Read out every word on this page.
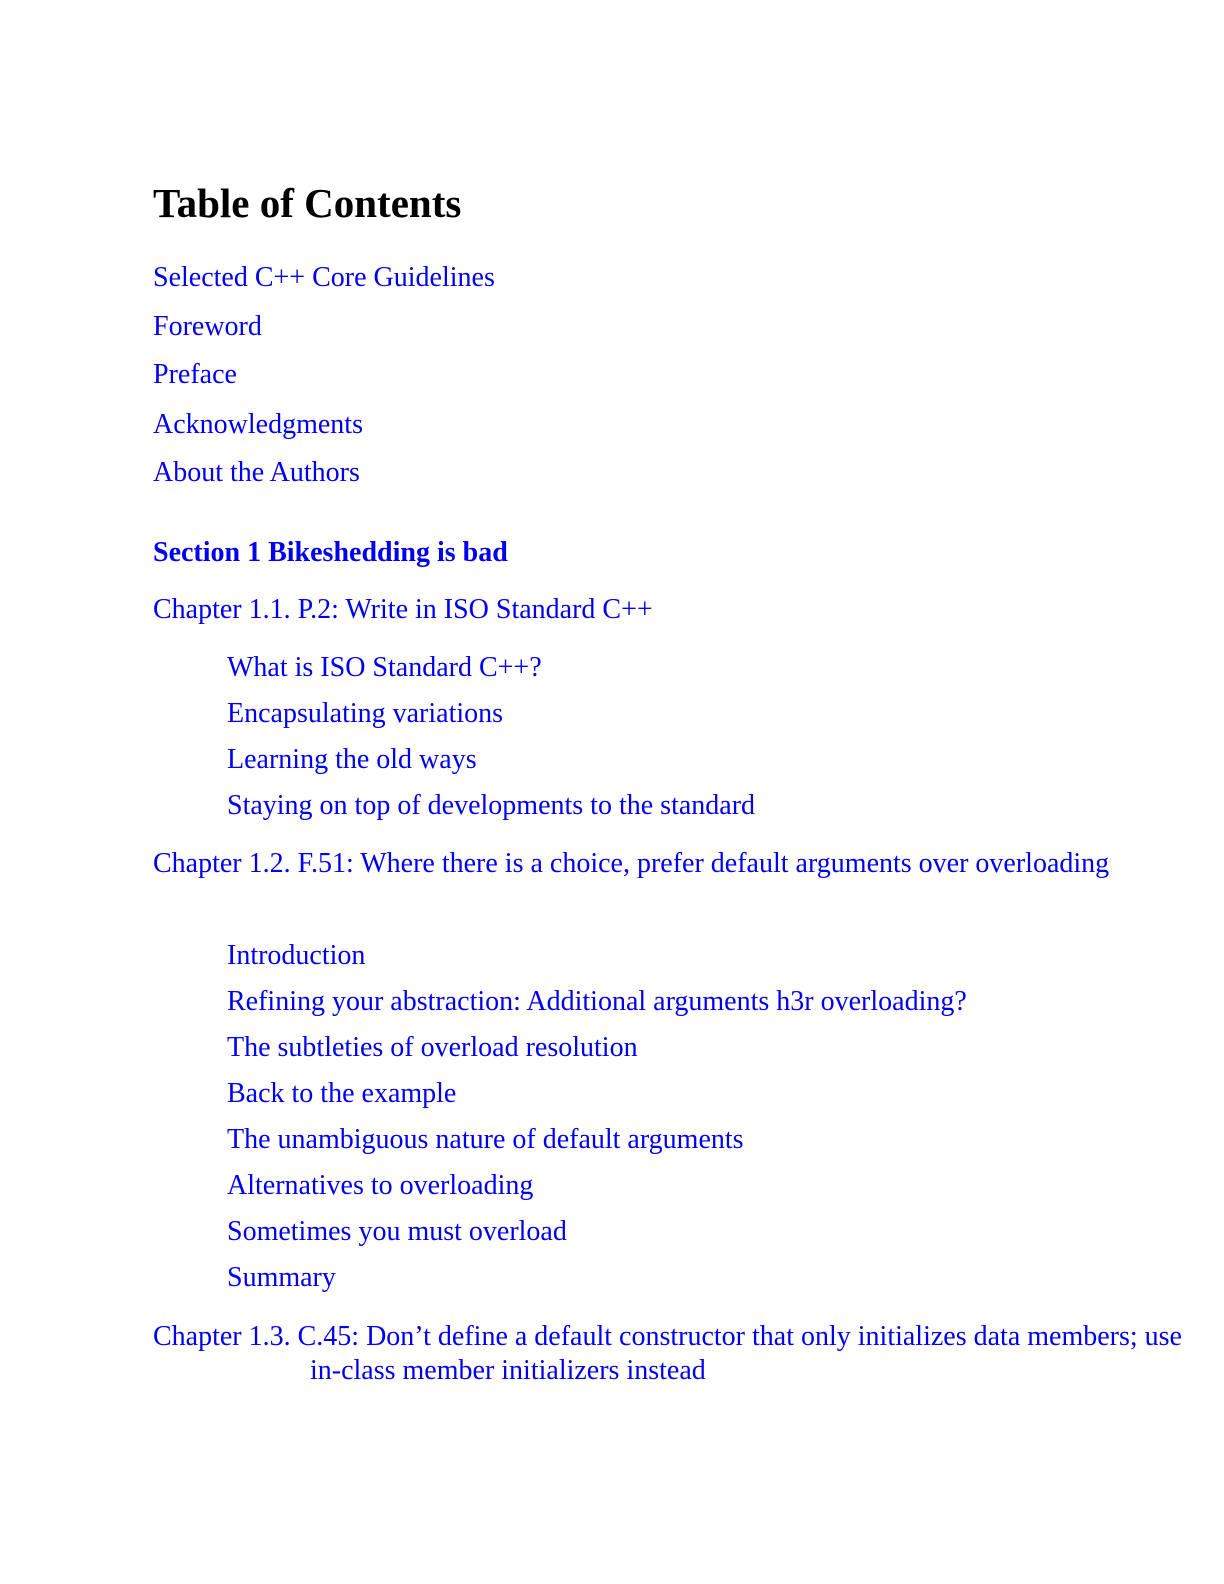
Table of Contents
Selected C++ Core Guidelines
Foreword
Preface
Acknowledgments
About the Authors
Section 1 Bikeshedding is bad
Chapter 1.1. P.2: Write in ISO Standard C++
What is ISO Standard C++?
Encapsulating variations
Learning the old ways
Staying on top of developments to the standard
Chapter 1.2. F.51: Where there is a choice, prefer default arguments over overloading
Introduction
Refining your abstraction: Additional arguments h3r overloading?
The subtleties of overload resolution
Back to the example
The unambiguous nature of default arguments
Alternatives to overloading
Sometimes you must overload
Summary
Chapter 1.3. C.45: Don’t define a default constructor that only initializes data members; use in-class member initializers instead
